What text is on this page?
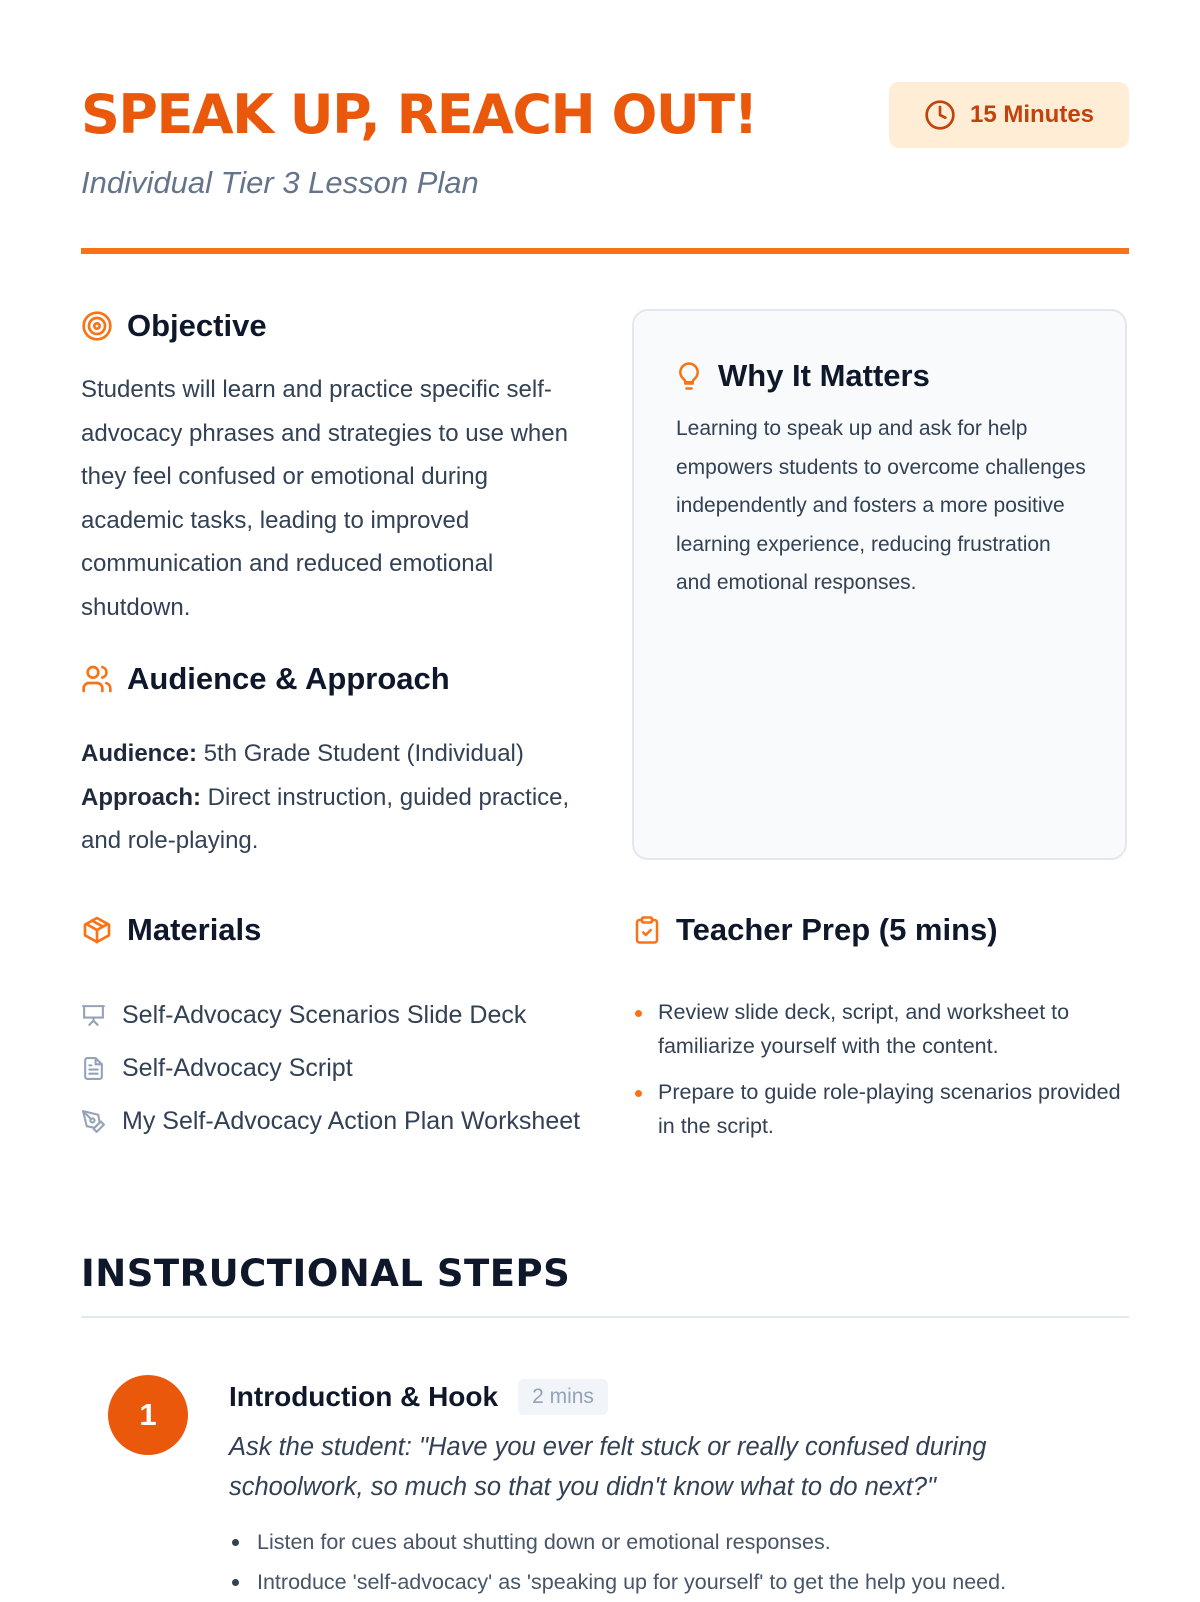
SPEAK UP, REACH OUT!
Individual Tier 3 Lesson Plan
15 Minutes
Objective
Students will learn and practice specific self-advocacy phrases and strategies to use when they feel confused or emotional during academic tasks, leading to improved communication and reduced emotional shutdown.
Audience & Approach
Audience: 5th Grade Student (Individual)
Approach: Direct instruction, guided practice, and role-playing.
Why It Matters
Learning to speak up and ask for help empowers students to overcome challenges independently and fosters a more positive learning experience, reducing frustration and emotional responses.
Materials
Self-Advocacy Scenarios Slide Deck
Self-Advocacy Script
My Self-Advocacy Action Plan Worksheet
Teacher Prep (5 mins)
Review slide deck, script, and worksheet to familiarize yourself with the content.
Prepare to guide role-playing scenarios provided in the script.
INSTRUCTIONAL STEPS
1
Introduction & Hook	2 mins
Ask the student: "Have you ever felt stuck or really confused during schoolwork, so much so that you didn't know what to do next?"
Listen for cues about shutting down or emotional responses.
Introduce 'self-advocacy' as 'speaking up for yourself' to get the help you need.
